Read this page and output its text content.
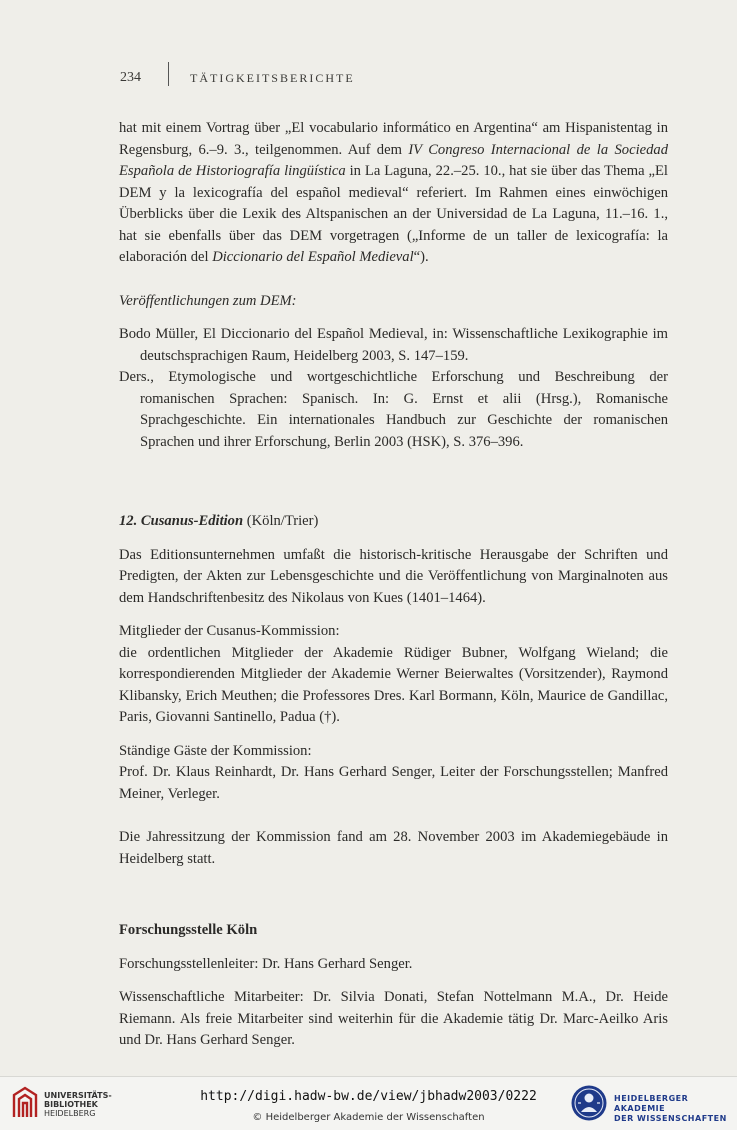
234	TÄTIGKEITSBERICHTE

hat mit einem Vortrag über „El vocabulario informático en Argentina“ am Hispanistentag in Regensburg, 6.–9. 3., teilgenommen. Auf dem IV Congreso Internacional de la Sociedad Española de Historiografía lingüística in La Laguna, 22.–25. 10., hat sie über das Thema „El DEM y la lexicografía del español medieval“ referiert. Im Rahmen eines einwöchigen Überblicks über die Lexik des Altspanischen an der Universidad de La Laguna, 11.–16. 1., hat sie ebenfalls über das DEM vorgetragen („Informe de un taller de lexicografía: la elaboración del Diccionario del Español Medieval“).

Veröffentlichungen zum DEM:

Bodo Müller, El Diccionario del Español Medieval, in: Wissenschaftliche Lexikographie im deutschsprachigen Raum, Heidelberg 2003, S. 147–159.

Ders., Etymologische und wortgeschichtliche Erforschung und Beschreibung der romanischen Sprachen: Spanisch. In: G. Ernst et alii (Hrsg.), Romanische Sprachgeschichte. Ein internationales Handbuch zur Geschichte der romanischen Sprachen und ihrer Erforschung, Berlin 2003 (HSK), S. 376–396.

12. Cusanus-Edition (Köln/Trier)

Das Editionsunternehmen umfaßt die historisch-kritische Herausgabe der Schriften und Predigten, der Akten zur Lebensgeschichte und die Veröffentlichung von Marginalnoten aus dem Handschriftenbesitz des Nikolaus von Kues (1401–1464).

Mitglieder der Cusanus-Kommission:

die ordentlichen Mitglieder der Akademie Rüdiger Bubner, Wolfgang Wieland; die korrespondierenden Mitglieder der Akademie Werner Beierwaltes (Vorsitzender), Raymond Klibansky, Erich Meuthen; die Professores Dres. Karl Bormann, Köln, Maurice de Gandillac, Paris, Giovanni Santinello, Padua (†).

Ständige Gäste der Kommission:

Prof. Dr. Klaus Reinhardt, Dr. Hans Gerhard Senger, Leiter der Forschungsstellen; Manfred Meiner, Verleger.

Die Jahressitzung der Kommission fand am 28. November 2003 im Akademiegebäude in Heidelberg statt.

Forschungsstelle Köln

Forschungsstellenleiter: Dr. Hans Gerhard Senger.

Wissenschaftliche Mitarbeiter: Dr. Silvia Donati, Stefan Nottelmann M.A., Dr. Heide Riemann. Als freie Mitarbeiter sind weiterhin für die Akademie tätig Dr. Marc-Aeilko Aris und Dr. Hans Gerhard Senger.

UNIVERSITÄTS-
BIBLIOTHEK
HEIDELBERG
http://digi.hadw-bw.de/view/jbhadw2003/0222
© Heidelberger Akademie der Wissenschaften
HEIDELBERGER AKADEMIE
DER WISSENSCHAFTEN
